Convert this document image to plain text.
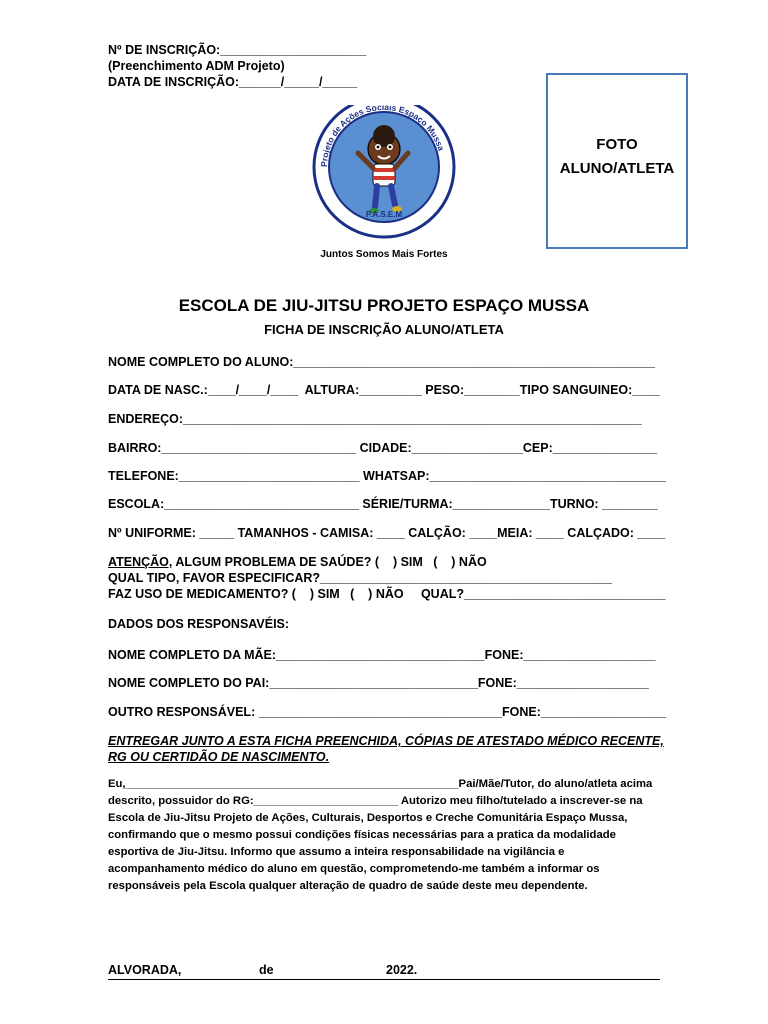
Nº DE INSCRIÇÃO:_____________________
(Preenchimento ADM Projeto)
DATA DE INSCRIÇÃO:______/_____/_____
FOTO
ALUNO/ATLETA
Projeto de Ações Sociais Espaço Mussa
P.A.S.E.M
Juntos Somos Mais Fortes
ESCOLA DE JIU-JITSU PROJETO ESPAÇO MUSSA
FICHA DE INSCRIÇÃO ALUNO/ATLETA
NOME COMPLETO DO ALUNO:____________________________________________________
DATA DE NASC.:____/____/____  ALTURA:_________ PESO:________TIPO SANGUINEO:____
ENDEREÇO:__________________________________________________________________
BAIRRO:____________________________ CIDADE:________________CEP:_______________
TELEFONE:__________________________ WHATSAP:__________________________________
ESCOLA:____________________________ SÉRIE/TURMA:______________TURNO: ________
Nº UNIFORME: _____ TAMANHOS - CAMISA: ____ CALÇÃO: ____MEIA: ____ CALÇADO: ____
ATENÇÃO, ALGUM PROBLEMA DE SAÚDE? (    ) SIM   (    ) NÃO
QUAL TIPO, FAVOR ESPECIFICAR?__________________________________________
FAZ USO DE MEDICAMENTO? (    ) SIM   (    ) NÃO     QUAL?_____________________________
DADOS DOS RESPONSAVÉIS:
NOME COMPLETO DA MÃE:______________________________FONE:___________________
NOME COMPLETO DO PAI:______________________________FONE:___________________
OUTRO RESPONSÁVEL: ___________________________________FONE:__________________
ENTREGAR JUNTO A ESTA FICHA PREENCHIDA, CÓPIAS DE ATESTADO MÉDICO RECENTE, RG OU CERTIDÃO DE NASCIMENTO.
Eu,_____________________________________________________Pai/Mãe/Tutor, do aluno/atleta acima descrito, possuidor do RG:_______________________ Autorizo meu filho/tutelado a inscrever-se na Escola de Jiu-Jitsu Projeto de Ações, Culturais, Desportos e Creche Comunitária Espaço Mussa, confirmando que o mesmo possui condições físicas necessárias para a pratica da modalidade esportiva de Jiu-Jitsu. Informo que assumo a inteira responsabilidade na vigilância e acompanhamento médico do aluno em questão, comprometendo-me também a informar os responsáveis pela Escola qualquer alteração de quadro de saúde deste meu dependente.
ALVORADA,	de	2022.
